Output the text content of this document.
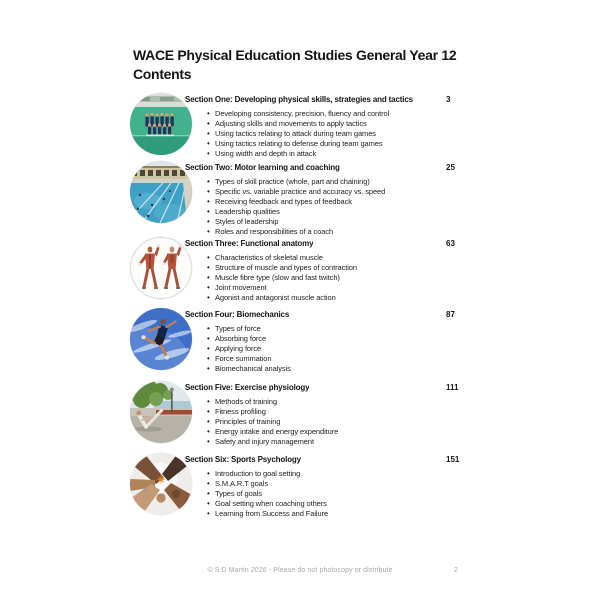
WACE Physical Education Studies General Year 12 Contents
Section One: Developing physical skills, strategies and tactics	3
• Developing consistency, precision, fluency and control
• Adjusting skills and movements to apply tactics
• Using tactics relating to attack during team games
• Using tactics relating to defense during team games
• Using width and depth in attack
Section Two: Motor learning and coaching	25
• Types of skill practice (whole, part and chaining)
• Specific vs. variable practice and accuracy vs. speed
• Receiving feedback and types of feedback
• Leadership qualities
• Styles of leadership
• Roles and responsibilities of a coach
Section Three: Functional anatomy	63
• Characteristics of skeletal muscle
• Structure of muscle and types of contraction
• Muscle fibre type (slow and fast twitch)
• Joint movement
• Agonist and antagonist muscle action
Section Four: Biomechanics	87
• Types of force
• Absorbing force
• Applying force
• Force summation
• Biomechanical analysis
Section Five: Exercise physiology	111
• Methods of training
• Fitness profiling
• Principles of training
• Energy intake and energy expenditure
• Safety and injury management
Section Six: Sports Psychology	151
• Introduction to goal setting
• S.M.A.R.T goals
• Types of goals
• Goal setting when coaching others
• Learning from Success and Failure
© S D Martin 2026 - Please do not photocopy or distribute	2
